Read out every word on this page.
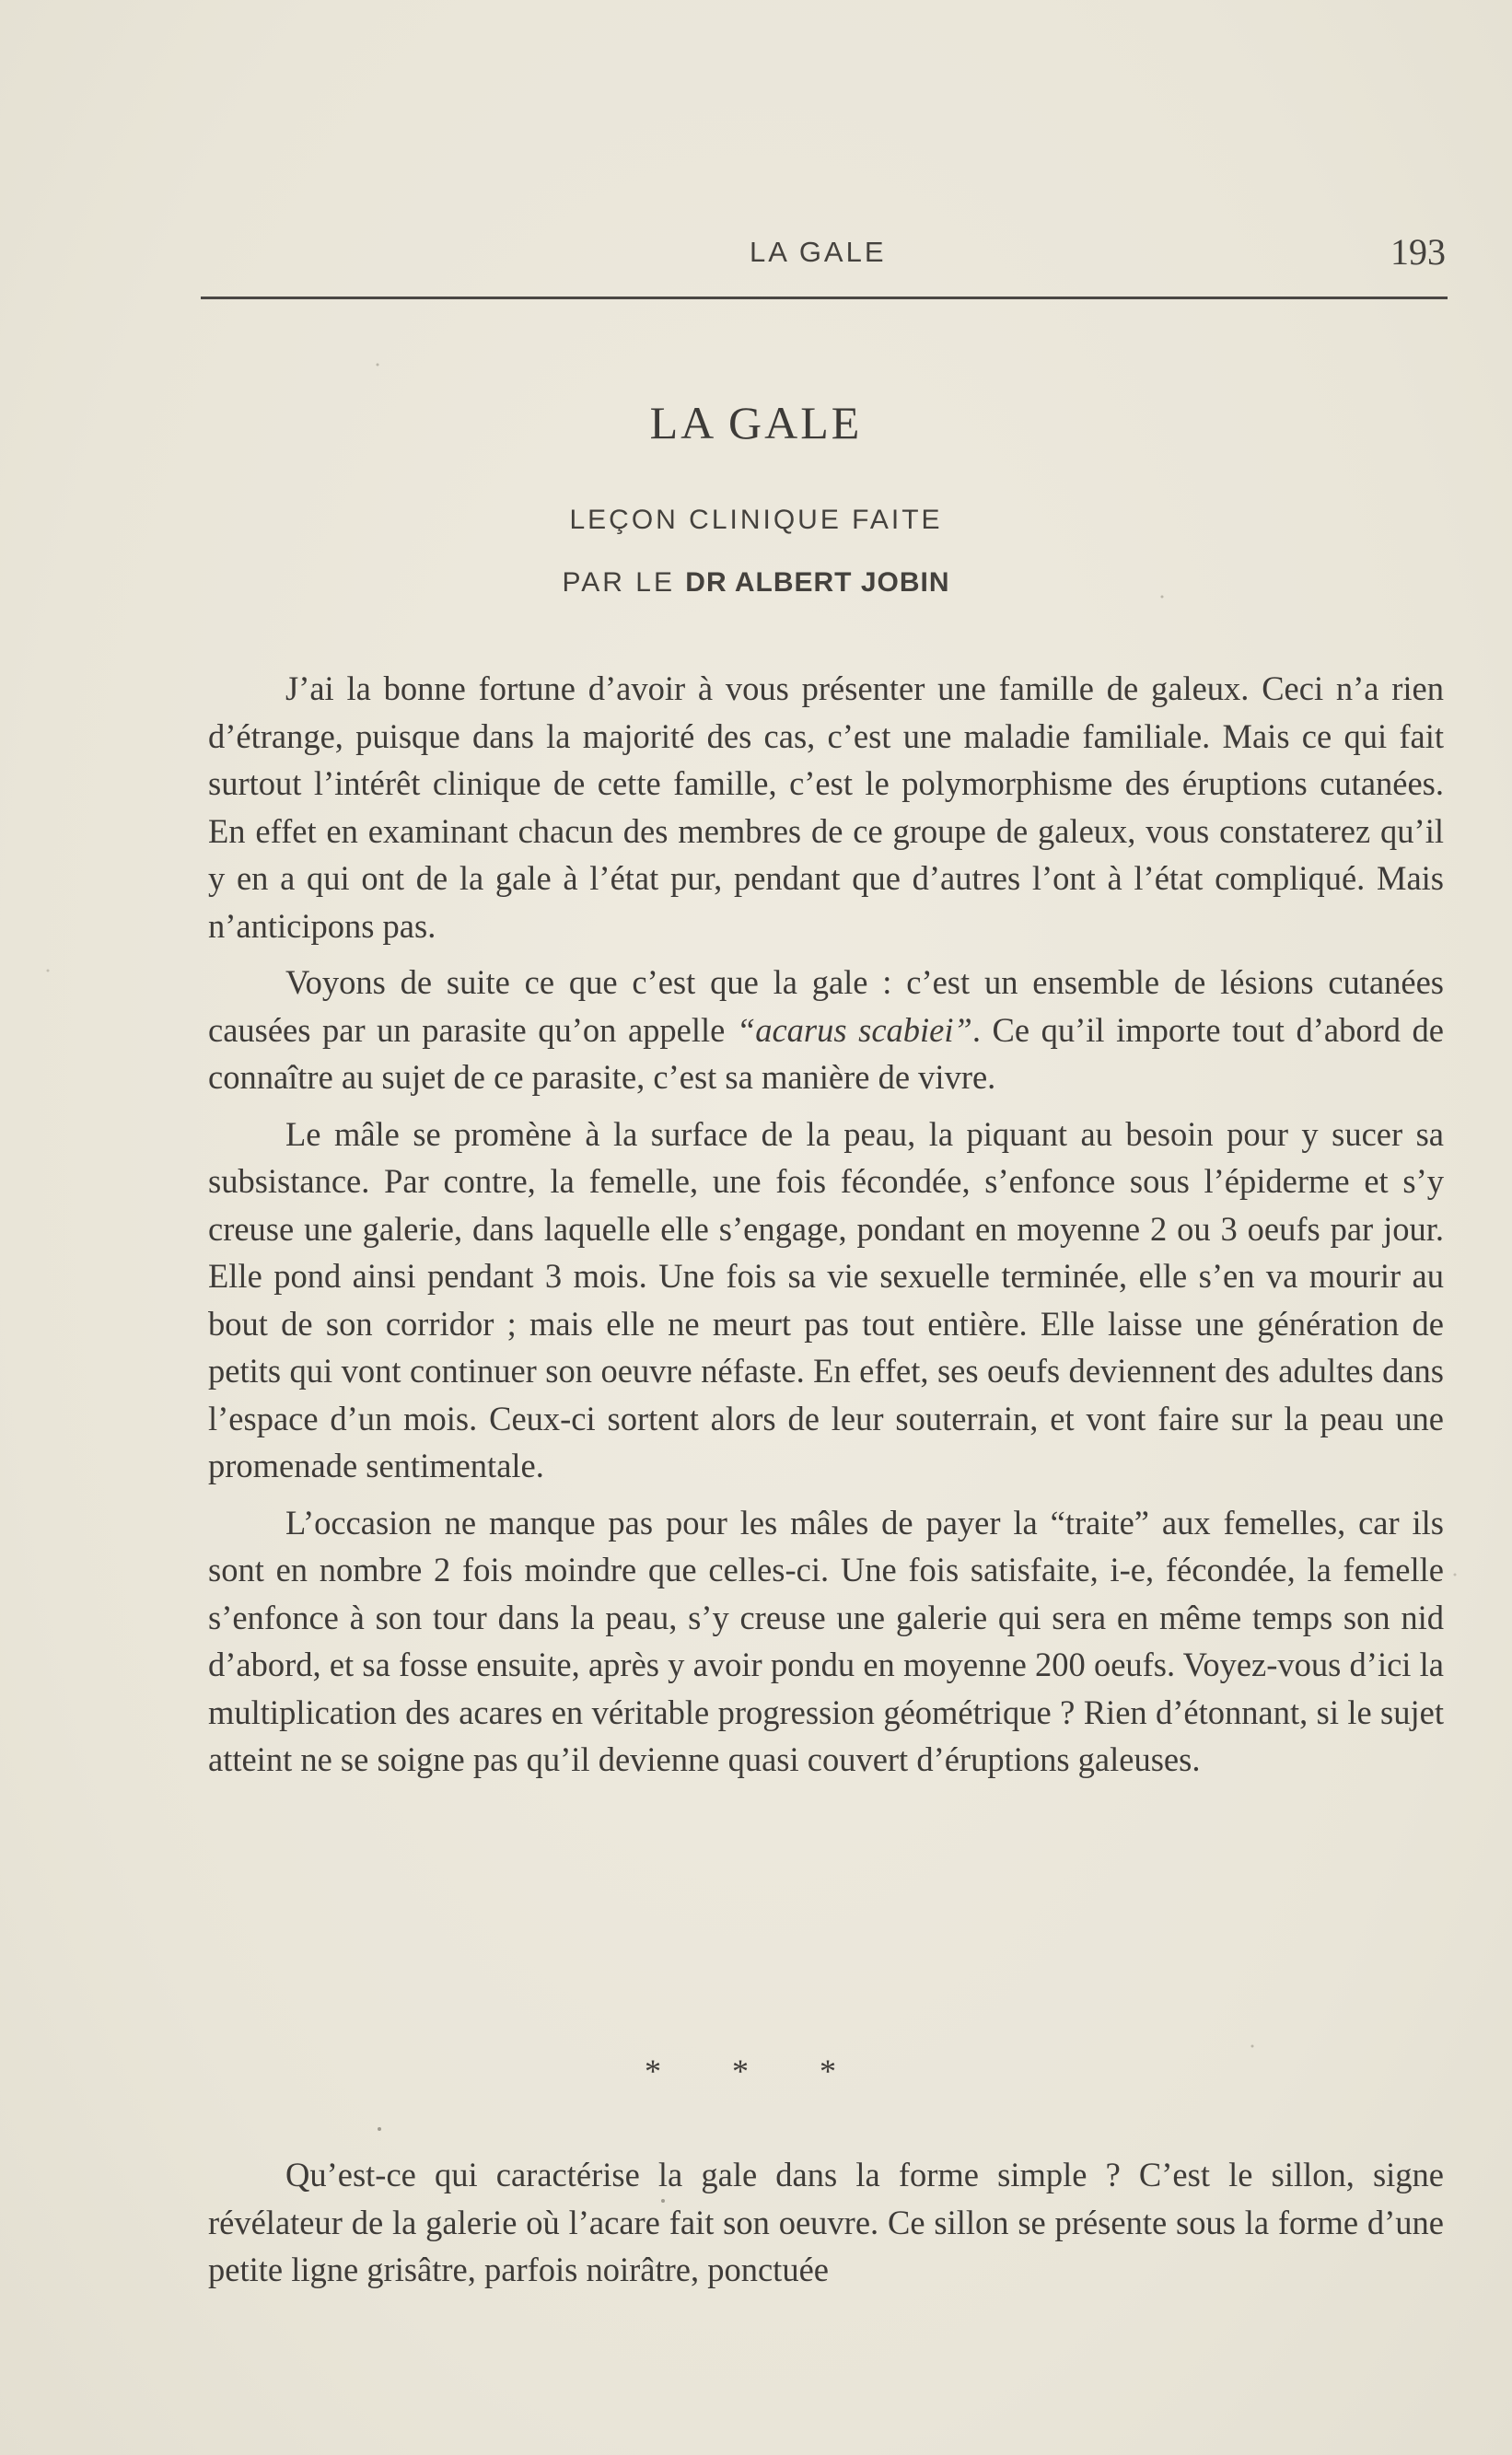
LA GALE	193
LA GALE
LEÇON CLINIQUE FAITE
PAR LE DR ALBERT JOBIN

J’ai la bonne fortune d’avoir à vous présenter une famille de galeux. Ceci n’a rien d’étrange, puisque dans la majorité des cas, c’est une maladie familiale. Mais ce qui fait surtout l’intérêt clinique de cette famille, c’est le polymorphisme des éruptions cutanées. En effet en examinant chacun des membres de ce groupe de galeux, vous constaterez qu’il y en a qui ont de la gale à l’état pur, pendant que d’autres l’ont à l’état compliqué. Mais n’anticipons pas.

Voyons de suite ce que c’est que la gale : c’est un ensemble de lésions cutanées causées par un parasite qu’on appelle “acarus scabiei”. Ce qu’il importe tout d’abord de connaître au sujet de ce parasite, c’est sa manière de vivre.

Le mâle se promène à la surface de la peau, la piquant au besoin pour y sucer sa subsistance. Par contre, la femelle, une fois fécondée, s’enfonce sous l’épiderme et s’y creuse une galerie, dans laquelle elle s’engage, pondant en moyenne 2 ou 3 oeufs par jour. Elle pond ainsi pendant 3 mois. Une fois sa vie sexuelle terminée, elle s’en va mourir au bout de son corridor ; mais elle ne meurt pas tout entière. Elle laisse une génération de petits qui vont continuer son oeuvre néfaste. En effet, ses oeufs deviennent des adultes dans l’espace d’un mois. Ceux-ci sortent alors de leur souterrain, et vont faire sur la peau une promenade sentimentale.

L’occasion ne manque pas pour les mâles de payer la “traite” aux femelles, car ils sont en nombre 2 fois moindre que celles-ci. Une fois satisfaite, i-e, fécondée, la femelle s’enfonce à son tour dans la peau, s’y creuse une galerie qui sera en même temps son nid d’abord, et sa fosse ensuite, après y avoir pondu en moyenne 200 oeufs. Voyez-vous d’ici la multiplication des acares en véritable progression géométrique ? Rien d’étonnant, si le sujet atteint ne se soigne pas qu’il devienne quasi couvert d’éruptions galeuses.

* * *

Qu’est-ce qui caractérise la gale dans la forme simple ? C’est le sillon, signe révélateur de la galerie où l’acare fait son oeuvre. Ce sillon se présente sous la forme d’une petite ligne grisâtre, parfois noirâtre, ponctuée
